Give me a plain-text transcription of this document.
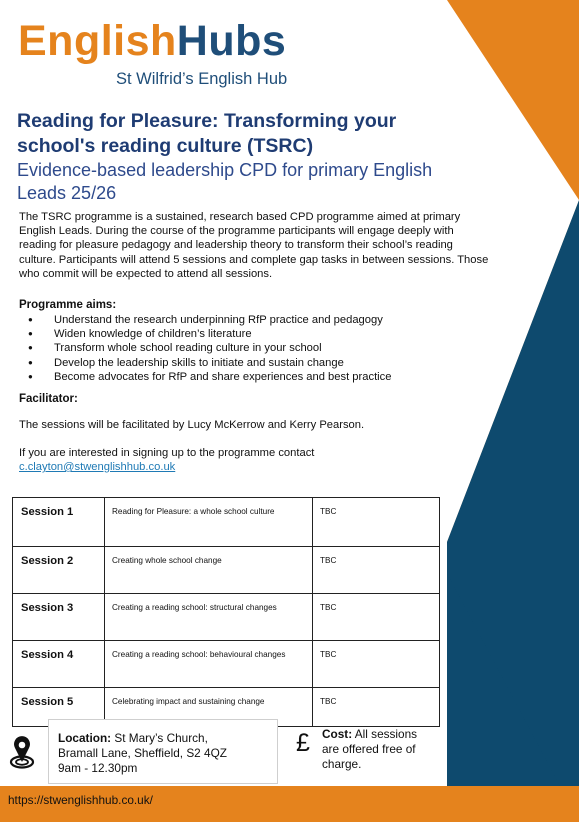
EnglishHubs
St Wilfrid’s English Hub
Reading for Pleasure: Transforming your school's reading culture (TSRC)
Evidence-based leadership CPD for primary English Leads 25/26
The TSRC programme is a sustained, research based CPD programme aimed at primary English Leads. During the course of the programme participants will engage deeply with reading for pleasure pedagogy and leadership theory to transform their school’s reading culture. Participants will attend 5 sessions and complete gap tasks in between sessions. Those who commit will be expected to attend all sessions.
Programme aims:
● Understand the research underpinning RfP practice and pedagogy
● Widen knowledge of children’s literature
● Transform whole school reading culture in your school
● Develop the leadership skills to initiate and sustain change
● Become advocates for RfP and share experiences and best practice
Facilitator:
The sessions will be facilitated by Lucy McKerrow and Kerry Pearson.
If you are interested in signing up to the programme contact
c.clayton@stwenglishhub.co.uk
Session 1	Reading for Pleasure: a whole school culture	TBC
Session 2	Creating whole school change	TBC
Session 3	Creating a reading school: structural changes	TBC
Session 4	Creating a reading school: behavioural changes	TBC
Session 5	Celebrating impact and sustaining change	TBC
Location: St Mary’s Church,
Bramall Lane, Sheffield, S2 4QZ
9am - 12.30pm
£ Cost: All sessions are offered free of charge.
https://stwenglishhub.co.uk/
